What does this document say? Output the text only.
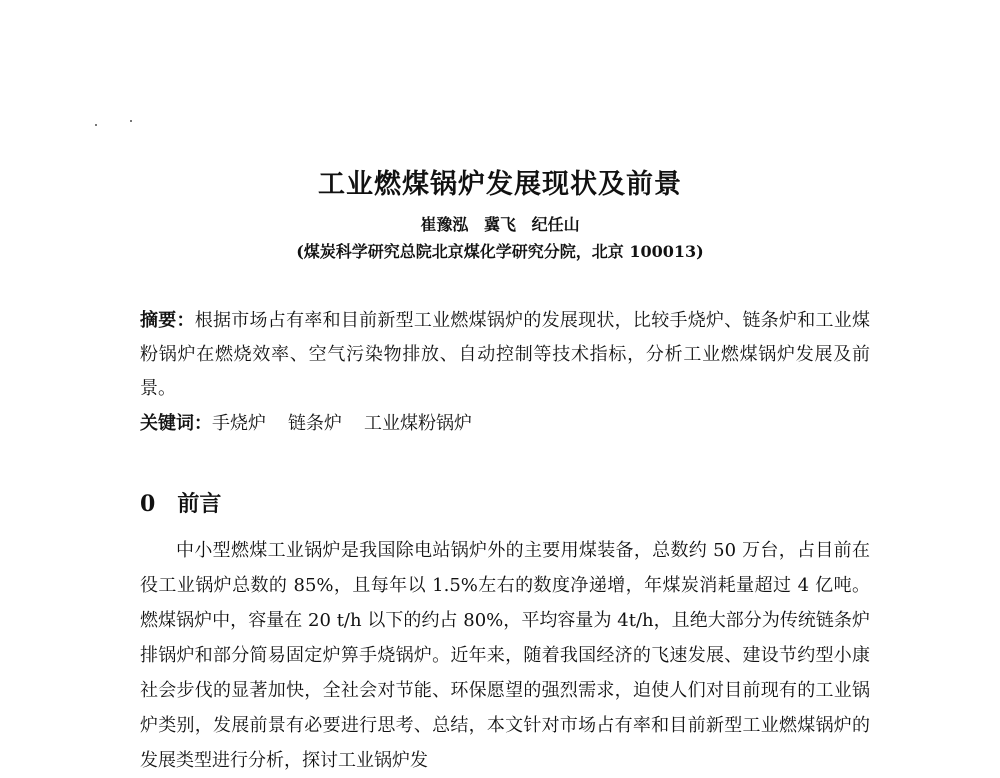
工业燃煤锅炉发展现状及前景
崔豫泓 冀飞 纪任山
(煤炭科学研究总院北京煤化学研究分院，北京 100013)
摘要：根据市场占有率和目前新型工业燃煤锅炉的发展现状，比较手烧炉、链条炉和工业煤粉锅炉在燃烧效率、空气污染物排放、自动控制等技术指标，分析工业燃煤锅炉发展及前景。
关键词：手烧炉 链条炉 工业煤粉锅炉
0 前言
中小型燃煤工业锅炉是我国除电站锅炉外的主要用煤装备，总数约 50 万台，占目前在役工业锅炉总数的 85%，且每年以 1.5%左右的数度净递增，年煤炭消耗量超过 4 亿吨。燃煤锅炉中，容量在 20 t/h 以下的约占 80%，平均容量为 4t/h，且绝大部分为传统链条炉排锅炉和部分简易固定炉箅手烧锅炉。近年来，随着我国经济的飞速发展、建设节约型小康社会步伐的显著加快，全社会对节能、环保愿望的强烈需求，迫使人们对目前现有的工业锅炉类别，发展前景有必要进行思考、总结，本文针对市场占有率和目前新型工业燃煤锅炉的发展类型进行分析，探讨工业锅炉发
